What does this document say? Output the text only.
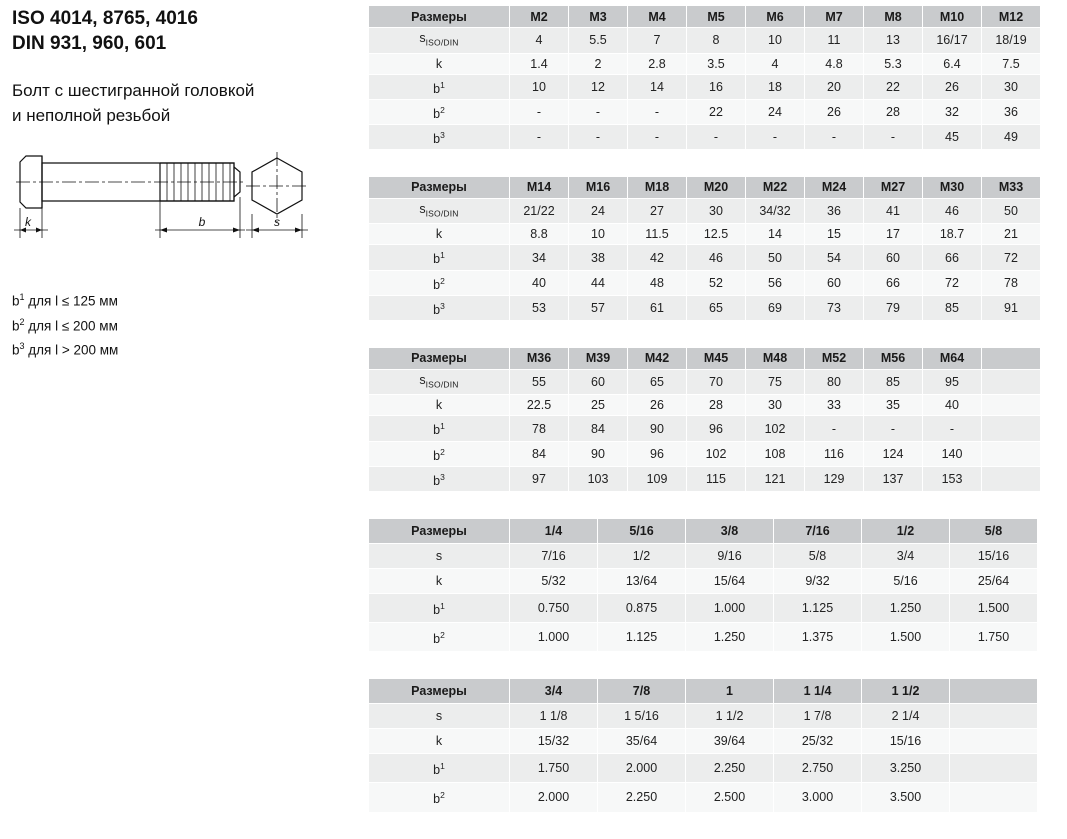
ISO 4014, 8765, 4016
DIN 931, 960, 601
Болт с шестигранной головкой
и неполной резьбой
k	b	s
$b^1$ для l ≤ 125 мм
$b^2$ для l ≤ 200 мм
$b^3$ для l > 200 мм
Размеры	M2	M3	M4	M5	M6	M7	M8	M10	M12
$s_{ISO/DIN}$	4	5.5	7	8	10	11	13	16/17	18/19
k	1.4	2	2.8	3.5	4	4.8	5.3	6.4	7.5
$b^1$	10	12	14	16	18	20	22	26	30
$b^2$	-	-	-	22	24	26	28	32	36
$b^3$	-	-	-	-	-	-	-	45	49
Размеры	M14	M16	M18	M20	M22	M24	M27	M30	M33
$s_{ISO/DIN}$	21/22	24	27	30	34/32	36	41	46	50
k	8.8	10	11.5	12.5	14	15	17	18.7	21
$b^1$	34	38	42	46	50	54	60	66	72
$b^2$	40	44	48	52	56	60	66	72	78
$b^3$	53	57	61	65	69	73	79	85	91
Размеры	M36	M39	M42	M45	M48	M52	M56	M64	
$s_{ISO/DIN}$	55	60	65	70	75	80	85	95	
k	22.5	25	26	28	30	33	35	40	
$b^1$	78	84	90	96	102	-	-	-	
$b^2$	84	90	96	102	108	116	124	140	
$b^3$	97	103	109	115	121	129	137	153	
Размеры	1/4	5/16	3/8	7/16	1/2	5/8
s	7/16	1/2	9/16	5/8	3/4	15/16
k	5/32	13/64	15/64	9/32	5/16	25/64
$b^1$	0.750	0.875	1.000	1.125	1.250	1.500
$b^2$	1.000	1.125	1.250	1.375	1.500	1.750
Размеры	3/4	7/8	1	1 1/4	1 1/2	
s	1 1/8	1 5/16	1 1/2	1 7/8	2 1/4	
k	15/32	35/64	39/64	25/32	15/16	
$b^1$	1.750	2.000	2.250	2.750	3.250	
$b^2$	2.000	2.250	2.500	3.000	3.500	
